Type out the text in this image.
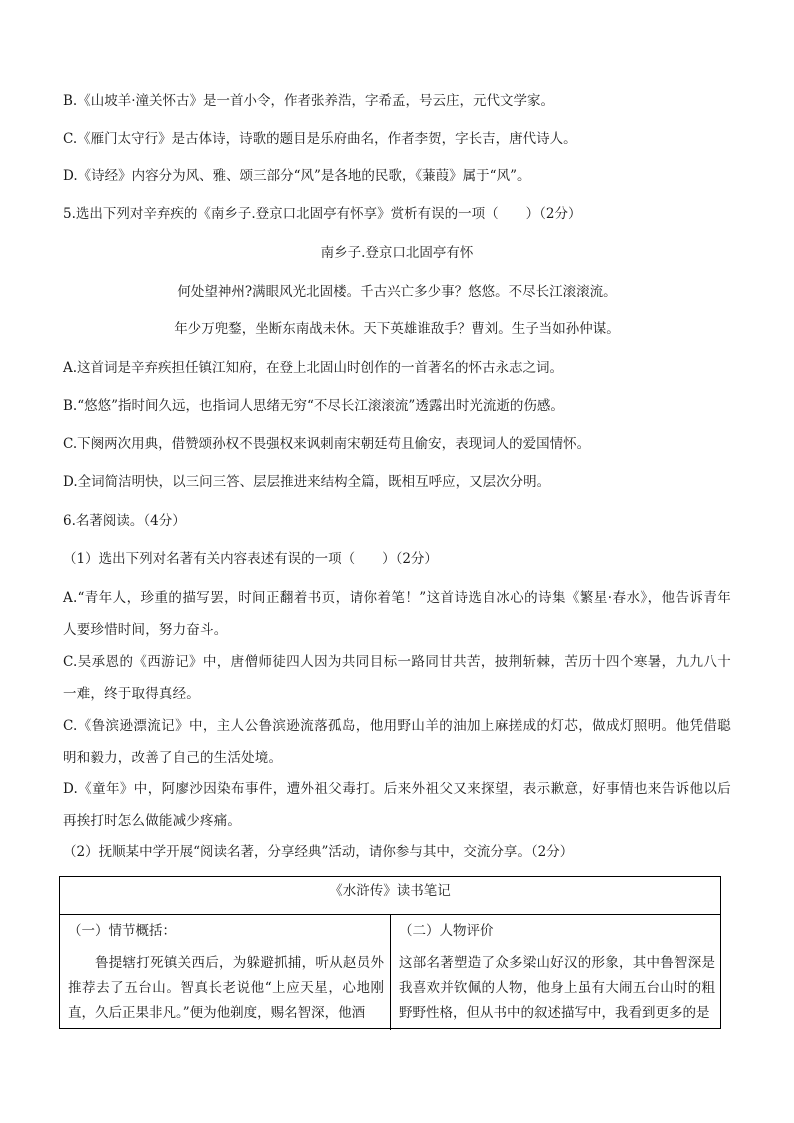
B.《山坡羊·潼关怀古》是一首小令，作者张养浩，字希孟，号云庄，元代文学家。
C.《雁门太守行》是古体诗，诗歌的题目是乐府曲名，作者李贺，字长吉，唐代诗人。
D.《诗经》内容分为风、雅、颂三部分“风”是各地的民歌，《蒹葭》属于“风”。
5.选出下列对辛弃疾的《南乡子.登京口北固亭有怀享》赏析有误的一项（　　）（2分）
南乡子.登京口北固亭有怀
何处望神州?满眼风光北固楼。千古兴亡多少事？悠悠。不尽长江滚滚流。
年少万兜鍪，坐断东南战未休。天下英雄谁敌手？曹刘。生子当如孙仲谋。
A.这首词是辛弃疾担任镇江知府，在登上北固山时创作的一首著名的怀古永志之词。
B.“悠悠”指时间久远，也指词人思绪无穷“不尽长江滚滚流”透露出时光流逝的伤感。
C.下阕两次用典，借赞颂孙权不畏强权来讽刺南宋朝廷苟且偷安，表现词人的爱国情怀。
D.全词简洁明快，以三问三答、层层推进来结构全篇，既相互呼应，又层次分明。
6.名著阅读。（4分）
（1）选出下列对名著有关内容表述有误的一项（　　）（2分）
A.“青年人，珍重的描写罢，时间正翻着书页，请你着笔！”这首诗选自冰心的诗集《繁星·春水》，他告诉青年人要珍惜时间，努力奋斗。
C.吴承恩的《西游记》中，唐僧师徒四人因为共同目标一路同甘共苦，披荆斩棘，苦历十四个寒暑，九九八十一难，终于取得真经。
C.《鲁滨逊漂流记》中，主人公鲁滨逊流落孤岛，他用野山羊的油加上麻搓成的灯芯，做成灯照明。他凭借聪明和毅力，改善了自己的生活处境。
D.《童年》中，阿廖沙因染布事件，遭外祖父毒打。后来外祖父又来探望，表示歉意，好事情也来告诉他以后再挨打时怎么做能减少疼痛。
（2）抚顺某中学开展“阅读名著，分享经典”活动，请你参与其中，交流分享。（2分）
《水浒传》读书笔记
（一）情节概括：
鲁提辖打死镇关西后，为躲避抓捕，听从赵员外推荐去了五台山。智真长老说他“上应天星，心地刚直，久后正果非凡。”便为他剃度，赐名智深，他酒
（二）人物评价
这部名著塑造了众多梁山好汉的形象，其中鲁智深是我喜欢并钦佩的人物，他身上虽有大闹五台山时的粗野野性格，但从书中的叙述描写中，我看到更多的是
